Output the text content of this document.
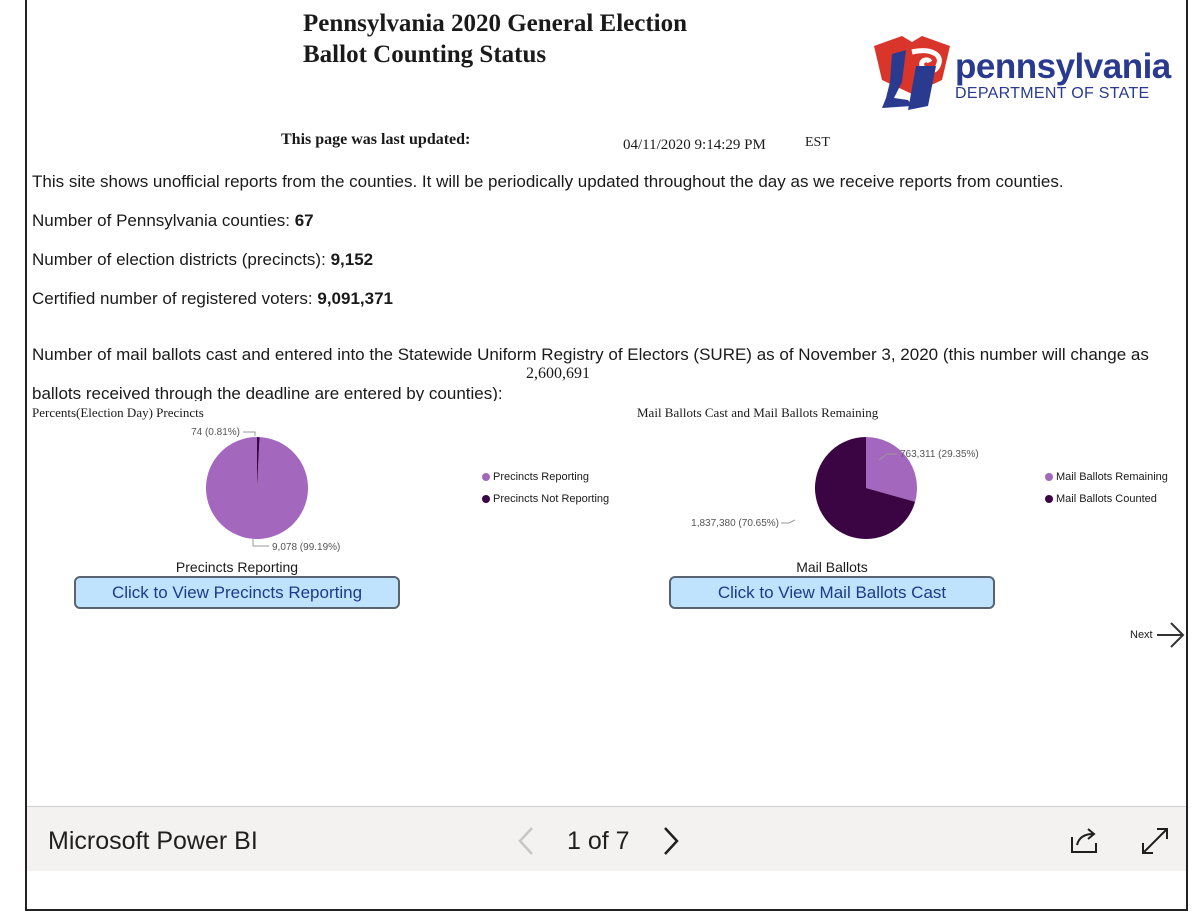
Pennsylvania 2020 General Election
Ballot Counting Status	pennsylvania
DEPARTMENT OF STATE
This page was last updated:	04/11/2020 9:14:29 PM	EST
This site shows unofficial reports from the counties. It will be periodically updated throughout the day as we receive reports from counties.
Number of Pennsylvania counties: 67
Number of election districts (precincts): 9,152
Certified number of registered voters: 9,091,371
Number of mail ballots cast and entered into the Statewide Uniform Registry of Electors (SURE) as of November 3, 2020 (this number will change as
2,600,691
ballots received through the deadline are entered by counties):
Percents(Election Day) Precincts
74 (0.81%)
9,078 (99.19%)
Precincts Reporting
Precincts Not Reporting
Precincts Reporting
Click to View Precincts Reporting
Mail Ballots Cast and Mail Ballots Remaining
763,311 (29.35%)
1,837,380 (70.65%)
Mail Ballots Remaining
Mail Ballots Counted
Mail Ballots
Click to View Mail Ballots Cast
Next
Microsoft Power BI	1 of 7
